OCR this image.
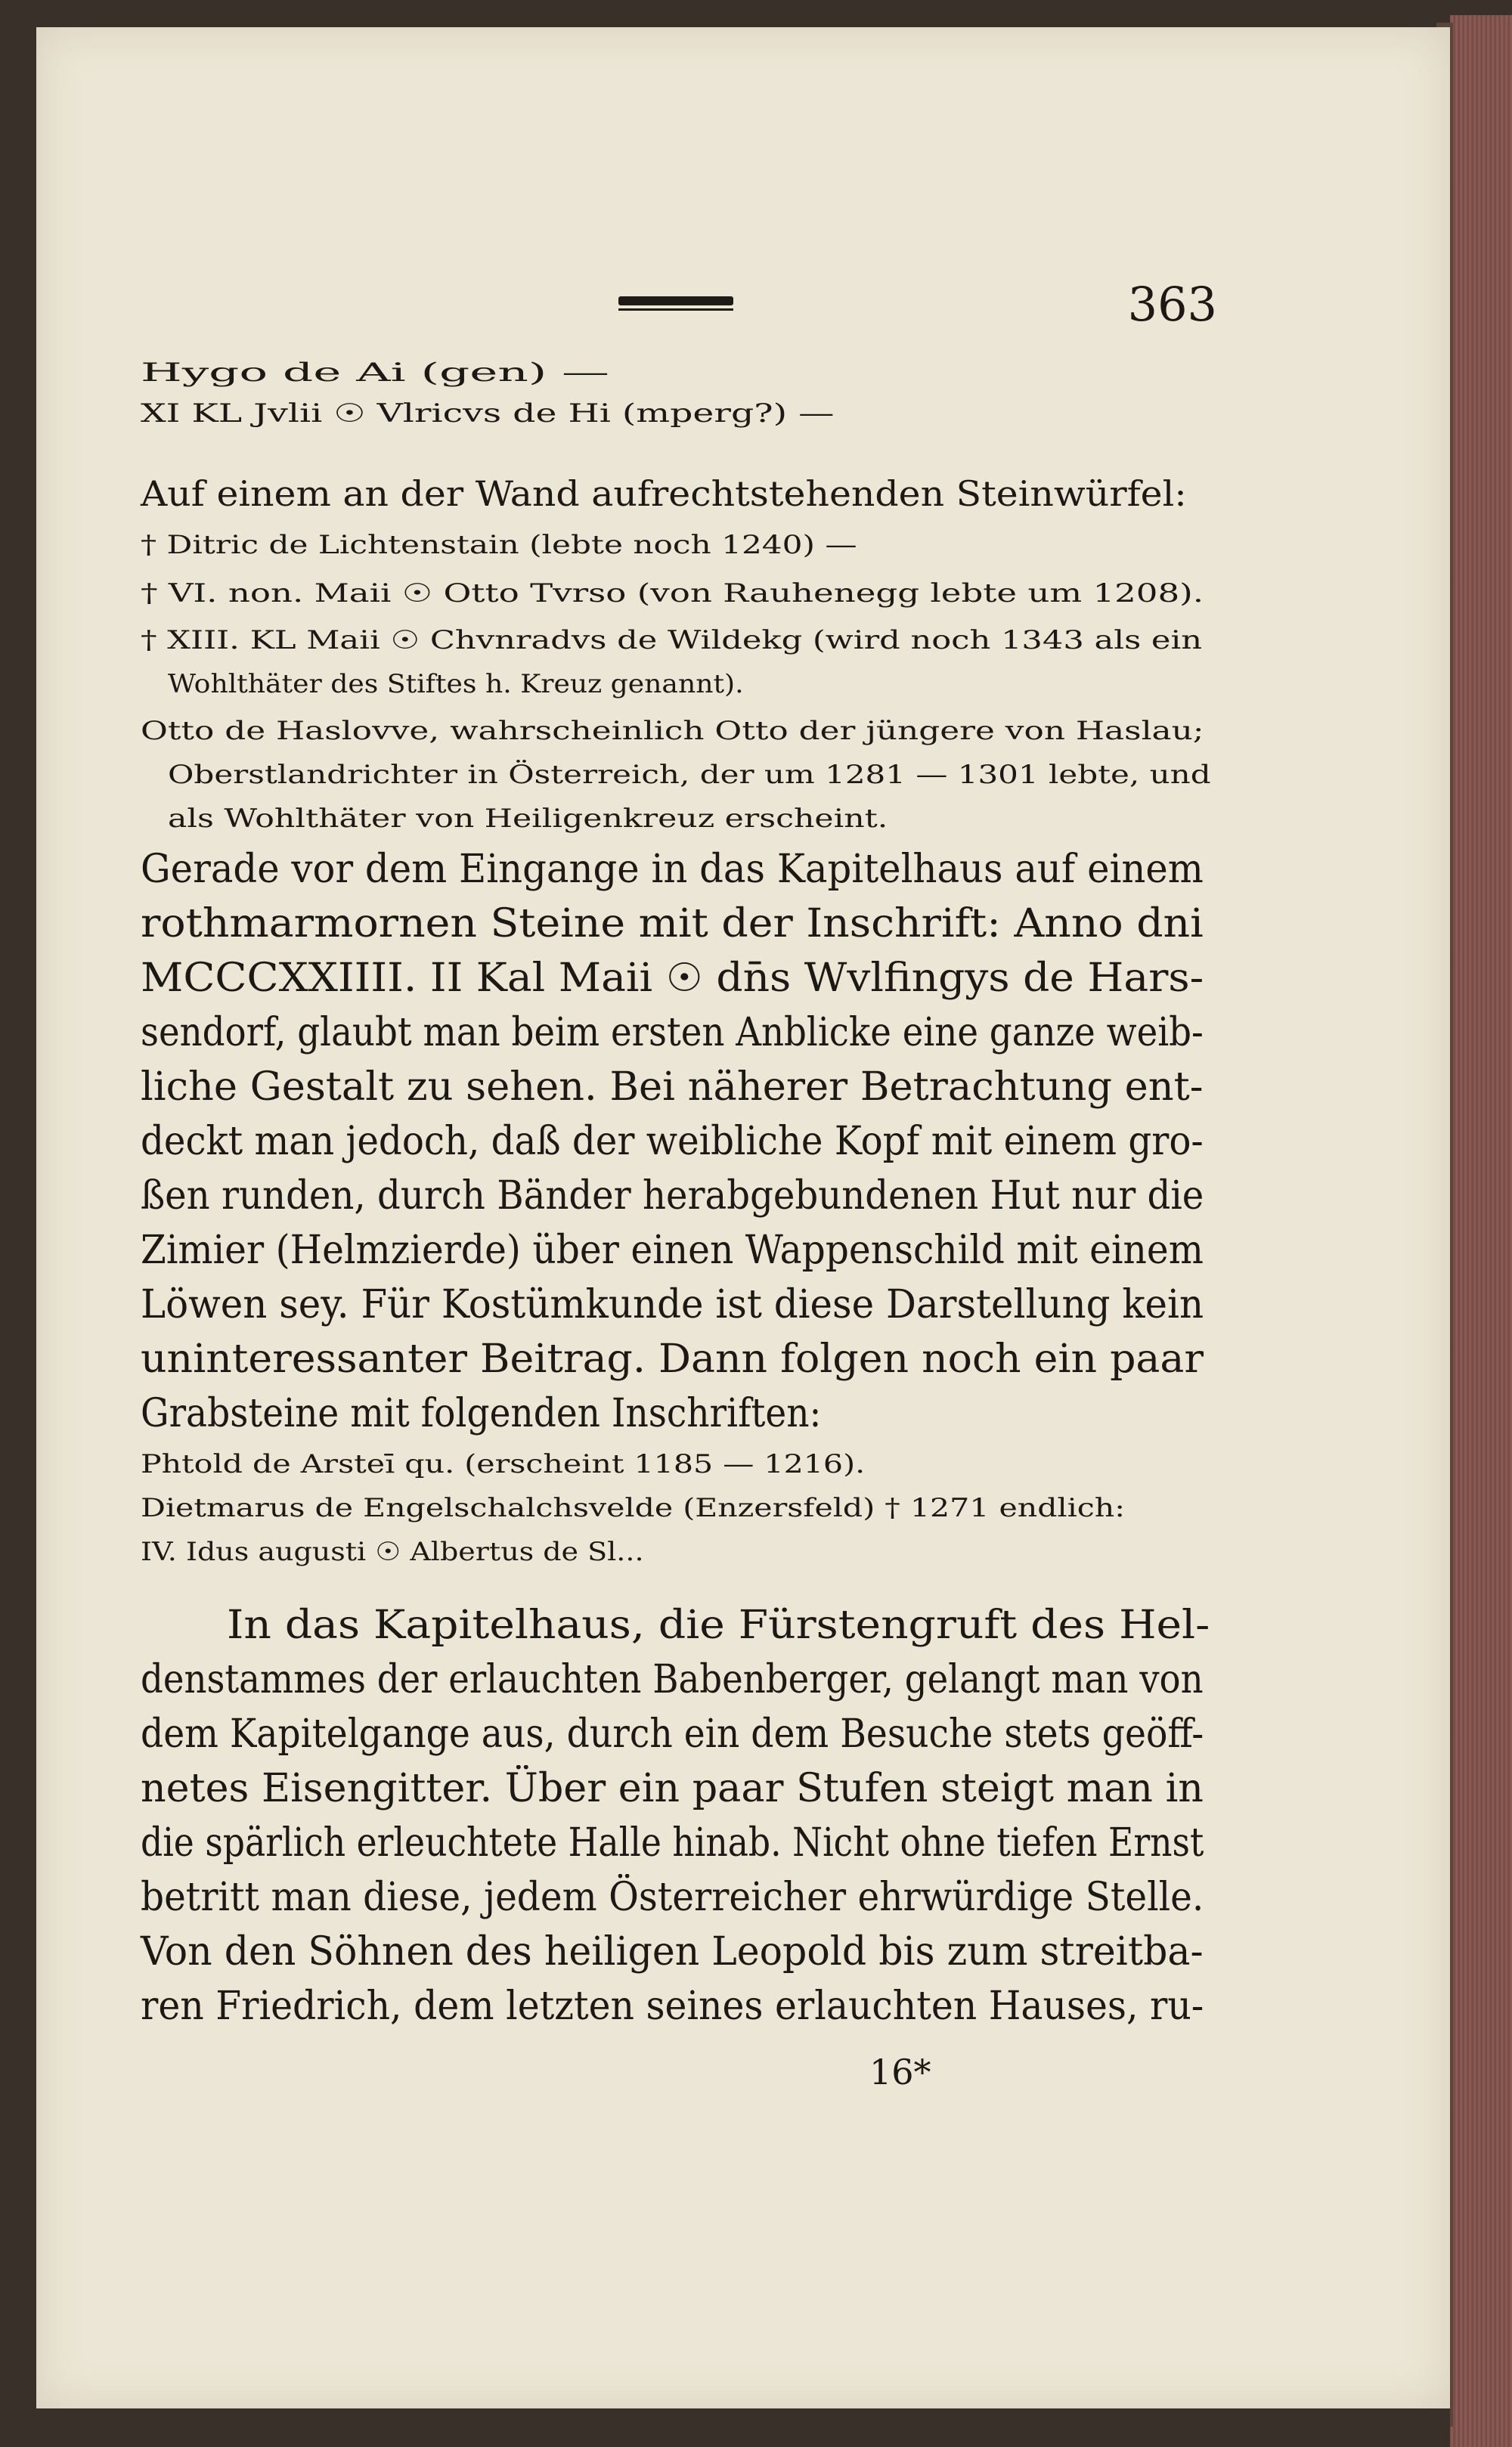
363
Hygo de Ai (gen) —
XI KL Jvlii ☉ Vlricvs de Hi (mperg?) —
Auf einem an der Wand aufrechtstehenden Steinwürfel:
† Ditric de Lichtenstain (lebte noch 1240) —
† VI. non. Maii ☉ Otto Tvrso (von Rauhenegg lebte um 1208).
† XIII. KL Maii ☉ Chvnradvs de Wildekg (wird noch 1343 als ein
Wohlthäter des Stiftes h. Kreuz genannt).
Otto de Haslovve, wahrscheinlich Otto der jüngere von Haslau;
Oberstlandrichter in Österreich, der um 1281 — 1301 lebte, und
als Wohlthäter von Heiligenkreuz erscheint.
Gerade vor dem Eingange in das Kapitelhaus auf einem
rothmarmornen Steine mit der Inschrift: Anno dni
MCCCXXIIII. II Kal Maii ☉ dn̄s Wvlfingys de Hars-
sendorf, glaubt man beim ersten Anblicke eine ganze weib-
liche Gestalt zu sehen. Bei näherer Betrachtung ent-
deckt man jedoch, daß der weibliche Kopf mit einem gro-
ßen runden, durch Bänder herabgebundenen Hut nur die
Zimier (Helmzierde) über einen Wappenschild mit einem
Löwen sey. Für Kostümkunde ist diese Darstellung kein
uninteressanter Beitrag. Dann folgen noch ein paar
Grabsteine mit folgenden Inschriften:
Phtold de Arsteī qu. (erscheint 1185 — 1216).
Dietmarus de Engelschalchsvelde (Enzersfeld) † 1271 endlich:
IV. Idus augusti ☉ Albertus de Sl...
In das Kapitelhaus, die Fürstengruft des Hel-
denstammes der erlauchten Babenberger, gelangt man von
dem Kapitelgange aus, durch ein dem Besuche stets geöff-
netes Eisengitter. Über ein paar Stufen steigt man in
die spärlich erleuchtete Halle hinab. Nicht ohne tiefen Ernst
betritt man diese, jedem Österreicher ehrwürdige Stelle.
Von den Söhnen des heiligen Leopold bis zum streitba-
ren Friedrich, dem letzten seines erlauchten Hauses, ru-
16*
